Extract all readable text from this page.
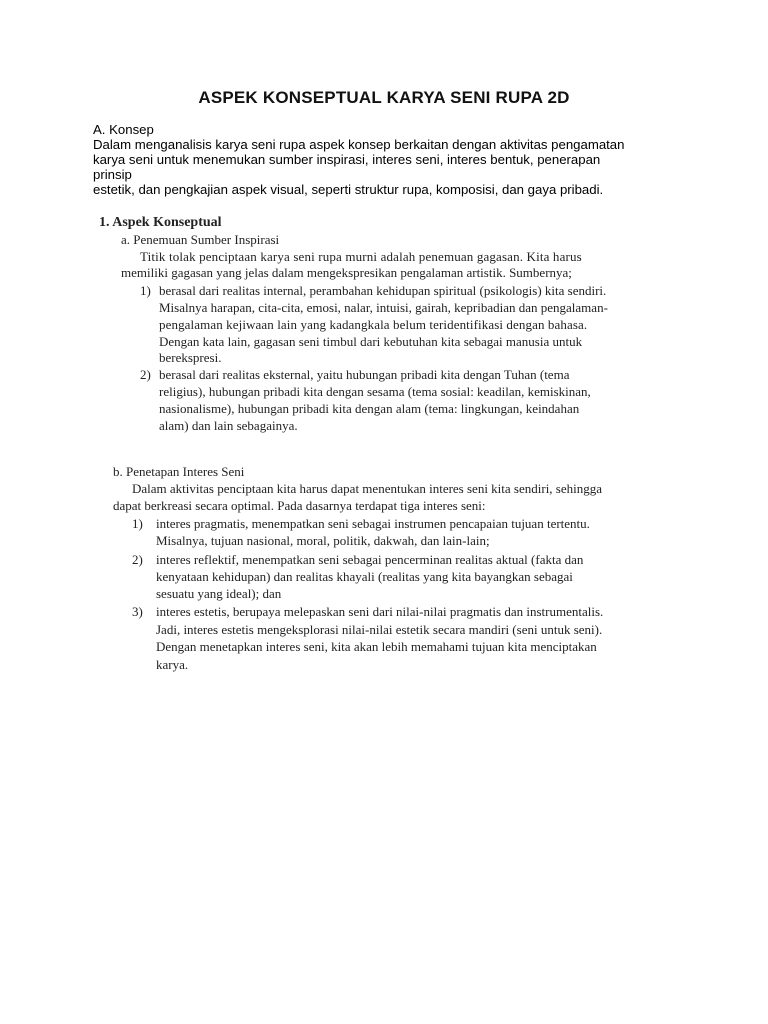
ASPEK KONSEPTUAL KARYA SENI RUPA 2D
A. Konsep
Dalam menganalisis karya seni rupa aspek konsep berkaitan dengan aktivitas pengamatan
karya seni untuk menemukan sumber inspirasi, interes seni, interes bentuk, penerapan
prinsip
estetik, dan pengkajian aspek visual, seperti struktur rupa, komposisi, dan gaya pribadi.
1. Aspek Konseptual
a. Penemuan Sumber Inspirasi
Titik tolak penciptaan karya seni rupa murni adalah penemuan gagasan. Kita harus
memiliki gagasan yang jelas dalam mengekspresikan pengalaman artistik. Sumbernya;
1) berasal dari realitas internal, perambahan kehidupan spiritual (psikologis) kita sendiri.
Misalnya harapan, cita-cita, emosi, nalar, intuisi, gairah, kepribadian dan pengalaman-
pengalaman kejiwaan lain yang kadangkala belum teridentifikasi dengan bahasa.
Dengan kata lain, gagasan seni timbul dari kebutuhan kita sebagai manusia untuk
berekspresi.
2) berasal dari realitas eksternal, yaitu hubungan pribadi kita dengan Tuhan (tema
religius), hubungan pribadi kita dengan sesama (tema sosial: keadilan, kemiskinan,
nasionalisme), hubungan pribadi kita dengan alam (tema: lingkungan, keindahan
alam) dan lain sebagainya.
b. Penetapan Interes Seni
Dalam aktivitas penciptaan kita harus dapat menentukan interes seni kita sendiri, sehingga
dapat berkreasi secara optimal. Pada dasarnya terdapat tiga interes seni:
1) interes pragmatis, menempatkan seni sebagai instrumen pencapaian tujuan tertentu.
Misalnya, tujuan nasional, moral, politik, dakwah, dan lain-lain;
2) interes reflektif, menempatkan seni sebagai pencerminan realitas aktual (fakta dan
kenyataan kehidupan) dan realitas khayali (realitas yang kita bayangkan sebagai
sesuatu yang ideal); dan
3) interes estetis, berupaya melepaskan seni dari nilai-nilai pragmatis dan instrumentalis.
Jadi, interes estetis mengeksplorasi nilai-nilai estetik secara mandiri (seni untuk seni).
Dengan menetapkan interes seni, kita akan lebih memahami tujuan kita menciptakan
karya.
